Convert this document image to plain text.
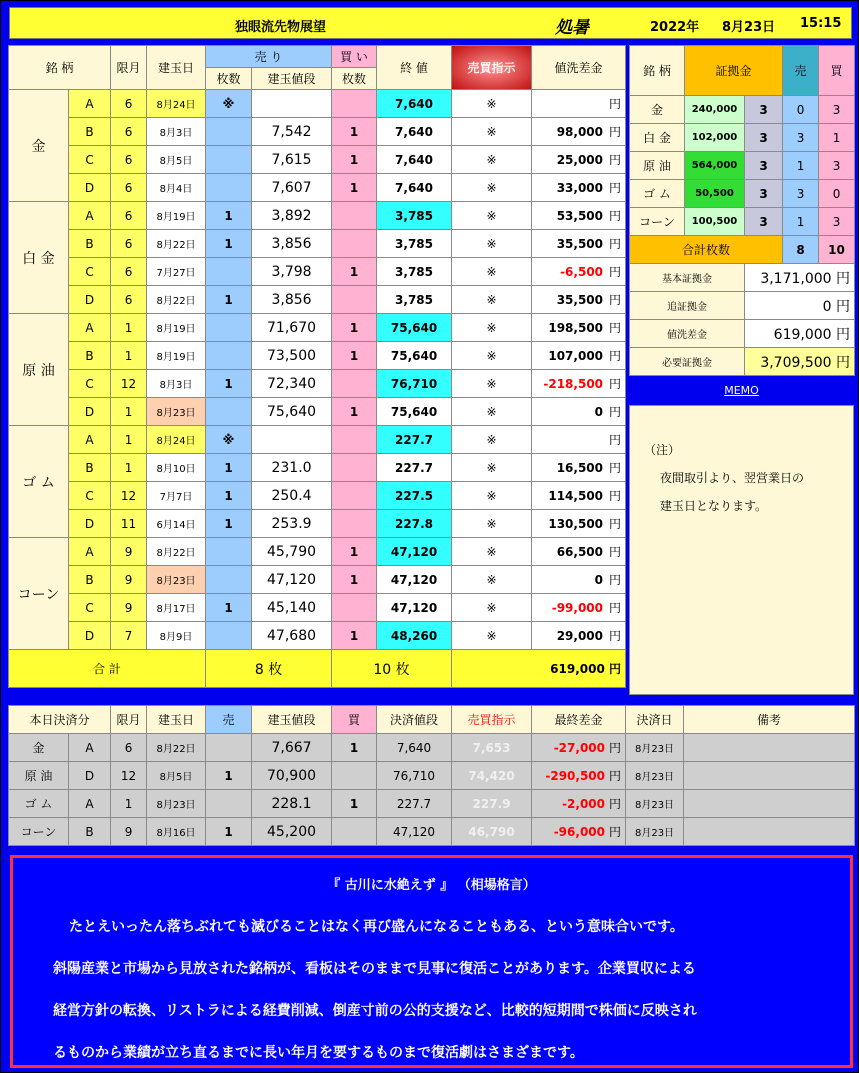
独眼流先物展望	処暑	2022年 8月23日 15:15
銘 柄		限月	建玉日	売 り		買 い	終 値	売買指示	値洗差金
				枚数	建玉値段	枚数			
金	A	6	8月24日	※			7,640	※	円
	B	6	8月3日		7,542	1	7,640	※	98,000 円
	C	6	8月5日		7,615	1	7,640	※	25,000 円
	D	6	8月4日		7,607	1	7,640	※	33,000 円
白 金	A	6	8月19日	1	3,892		3,785	※	53,500 円
	B	6	8月22日	1	3,856		3,785	※	35,500 円
	C	6	7月27日		3,798	1	3,785	※	-6,500 円
	D	6	8月22日	1	3,856		3,785	※	35,500 円
原 油	A	1	8月19日		71,670	1	75,640	※	198,500 円
	B	1	8月19日		73,500	1	75,640	※	107,000 円
	C	12	8月3日	1	72,340		76,710	※	-218,500 円
	D	1	8月23日		75,640	1	75,640	※	0 円
ゴ ム	A	1	8月24日	※			227.7	※	円
	B	1	8月10日	1	231.0		227.7	※	16,500 円
	C	12	7月7日	1	250.4		227.5	※	114,500 円
	D	11	6月14日	1	253.9		227.8	※	130,500 円
コーン	A	9	8月22日		45,790	1	47,120	※	66,500 円
	B	9	8月23日		47,120	1	47,120	※	0 円
	C	9	8月17日	1	45,140		47,120	※	-99,000 円
	D	7	8月9日		47,680	1	48,260	※	29,000 円
合 計				8 枚		10 枚		619,000 円	
銘 柄	証拠金		売	買
金	240,000	3	0	3
白 金	102,000	3	3	1
原 油	564,000	3	1	3
ゴ ム	50,500	3	3	0
コーン	100,500	3	1	3
合計枚数			8	10
基本証拠金		3,171,000 円		
追証拠金		0 円		
値洗差金		619,000 円		
必要証拠金		3,709,500 円		
MEMO
（注）
夜間取引より、翌営業日の
建玉日となります。
本日決済分		限月	建玉日	売	建玉値段	買	決済値段	売買指示	最終差金	決済日	備考
金	A	6	8月22日		7,667	1	7,640	7,653	-27,000 円	8月23日	
原 油	D	12	8月5日	1	70,900		76,710	74,420	-290,500 円	8月23日	
ゴ ム	A	1	8月23日		228.1	1	227.7	227.9	-2,000 円	8月23日	
コーン	B	9	8月16日	1	45,200		47,120	46,790	-96,000 円	8月23日	
『 古川に水絶えず 』 （相場格言）
たとえいったん落ちぶれても滅びることはなく再び盛んになることもある、という意味合いです。
斜陽産業と市場から見放された銘柄が、看板はそのままで見事に復活ことがあります。企業買収による
経営方針の転換、リストラによる経費削減、倒産寸前の公的支援など、比較的短期間で株価に反映され
るものから業績が立ち直るまでに長い年月を要するものまで復活劇はさまざまです。
